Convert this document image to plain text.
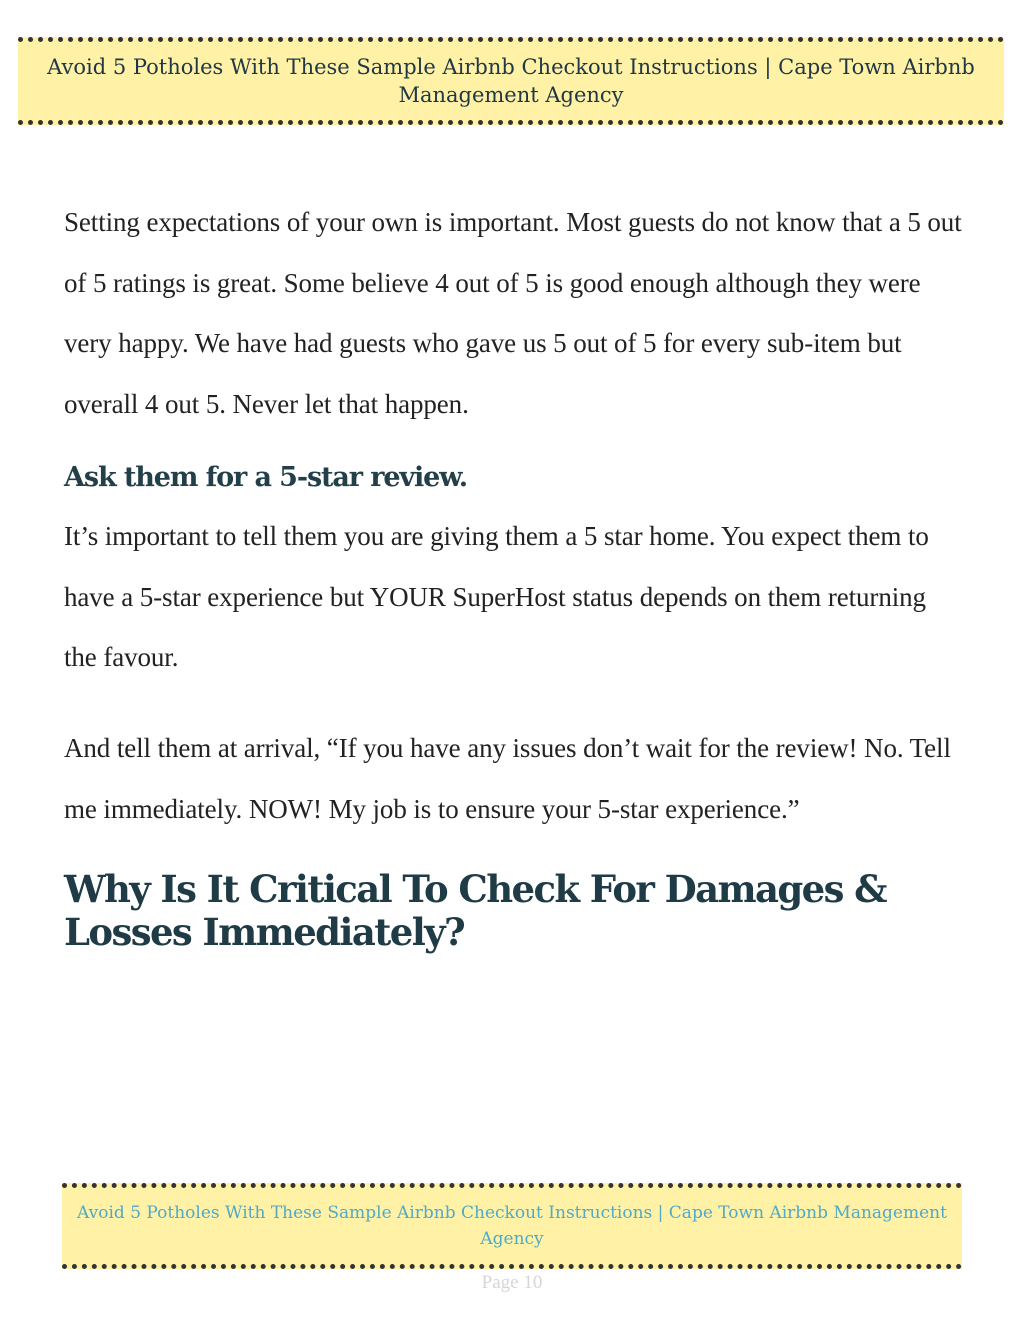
Avoid 5 Potholes With These Sample Airbnb Checkout Instructions | Cape Town Airbnb Management Agency

Setting expectations of your own is important. Most guests do not know that a 5 out of 5 ratings is great. Some believe 4 out of 5 is good enough although they were very happy. We have had guests who gave us 5 out of 5 for every sub-item but overall 4 out 5. Never let that happen.

Ask them for a 5-star review.

It’s important to tell them you are giving them a 5 star home. You expect them to have a 5-star experience but YOUR SuperHost status depends on them returning the favour.

And tell them at arrival, “If you have any issues don’t wait for the review! No. Tell me immediately. NOW! My job is to ensure your 5-star experience.”

Why Is It Critical To Check For Damages & Losses Immediately?
Avoid 5 Potholes With These Sample Airbnb Checkout Instructions | Cape Town Airbnb Management Agency
Page 10
